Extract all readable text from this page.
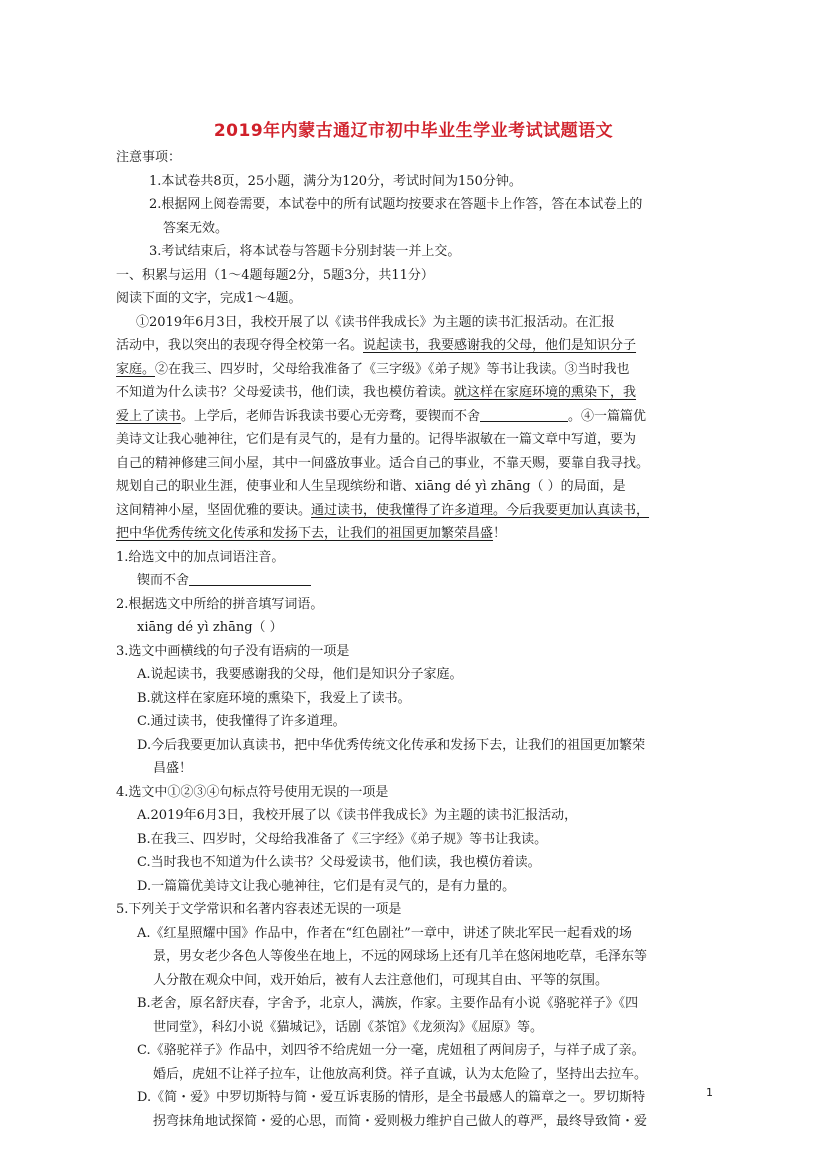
2019年内蒙古通辽市初中毕业生学业考试试题语文
注意事项：
1.本试卷共8页，25小题，满分为120分，考试时间为150分钟。
2.根据网上阅卷需要，本试卷中的所有试题均按要求在答题卡上作答，答在本试卷上的
答案无效。
3.考试结束后，将本试卷与答题卡分别封装一并上交。
一、积累与运用（1～4题每题2分，5题3分，共11分）
阅读下面的文字，完成1～4题。
①2019年6月3日，我校开展了以《读书伴我成长》为主题的读书汇报活动。在汇报
活动中，我以突出的表现夺得全校第一名。说起读书，我要感谢我的父母，他们是知识分子
家庭。②在我三、四岁时，父母给我准备了《三字级》《弟子规》等书让我读。③当时我也
不知道为什么读书？父母爱读书，他们读，我也模仿着读。就这样在家庭环境的熏染下，我
爱上了读书。上学后，老师告诉我读书要心无旁骛，要锲而不舍	。④一篇篇优
美诗文让我心驰神往，它们是有灵气的，是有力量的。记得毕淑敏在一篇文章中写道，要为
自己的精神修建三间小屋，其中一间盛放事业。适合自己的事业，不靠天赐，要靠自我寻找。
规划自己的职业生涯，使事业和人生呈现缤纷和谐、xiāng dé yì zhāng（ ）的局面，是
这间精神小屋，坚固优雅的要诀。通过读书，使我懂得了许多道理。今后我要更加认真读书，
把中华优秀传统文化传承和发扬下去，让我们的祖国更加繁荣昌盛！
1.给选文中的加点词语注音。
锲而不舍
2.根据选文中所给的拼音填写词语。
xiāng dé yì zhāng（ ）
3.选文中画横线的句子没有语病的一项是
A.说起读书，我要感谢我的父母，他们是知识分子家庭。
B.就这样在家庭环境的熏染下，我爱上了读书。
C.通过读书，使我懂得了许多道理。
D.今后我要更加认真读书，把中华优秀传统文化传承和发扬下去，让我们的祖国更加繁荣
昌盛！
4.选文中①②③④句标点符号使用无误的一项是
A.2019年6月3日，我校开展了以《读书伴我成长》为主题的读书汇报活动，
B.在我三、四岁时，父母给我准备了《三字经》《弟子规》等书让我读。
C.当时我也不知道为什么读书？父母爱读书，他们读，我也模仿着读。
D.一篇篇优美诗文让我心驰神往，它们是有灵气的，是有力量的。
5.下列关于文学常识和名著内容表述无误的一项是
A.《红星照耀中国》作品中，作者在“红色剧社”一章中，讲述了陕北军民一起看戏的场
景，男女老少各色人等俊坐在地上，不远的网球场上还有几羊在悠闲地吃草，毛泽东等
人分散在观众中间，戏开始后，被有人去注意他们，可现其自由、平等的氛围。
B.老舍，原名舒庆春，字舍予，北京人，满族，作家。主要作品有小说《骆驼祥子》《四
世同堂》，科幻小说《猫城记》，话剧《茶馆》《龙须沟》《屈原》等。
C.《骆驼祥子》作品中，刘四爷不给虎妞一分一毫，虎妞租了两间房子，与祥子成了亲。
婚后，虎妞不让祥子拉车，让他放高利贷。祥子直诚，认为太危险了，坚持出去拉车。
D.《简・爱》中罗切斯特与简・爱互诉衷肠的情形，是全书最感人的篇章之一。罗切斯特
拐弯抹角地试探简・爱的心思，而简・爱则极力维护自己做人的尊严，最终导致简・爱
1
